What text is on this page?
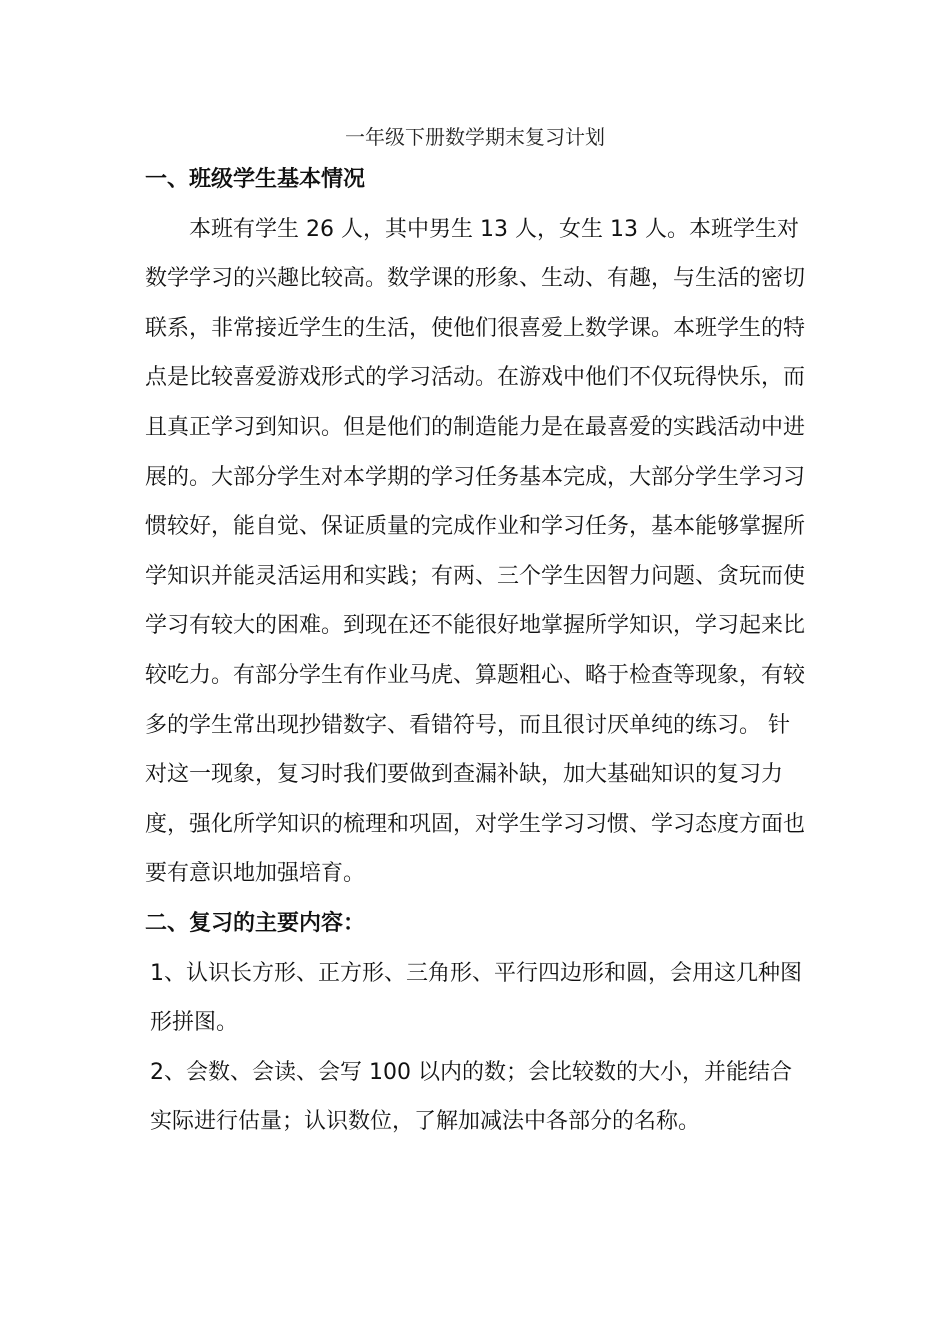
一年级下册数学期末复习计划
一、班级学生基本情况

本班有学生 26 人，其中男生 13 人，女生 13 人。本班学生对数学学习的兴趣比较高。数学课的形象、生动、有趣，与生活的密切联系，非常接近学生的生活，使他们很喜爱上数学课。本班学生的特点是比较喜爱游戏形式的学习活动。在游戏中他们不仅玩得快乐，而且真正学习到知识。但是他们的制造能力是在最喜爱的实践活动中进展的。大部分学生对本学期的学习任务基本完成，大部分学生学习习惯较好，能自觉、保证质量的完成作业和学习任务，基本能够掌握所学知识并能灵活运用和实践；有两、三个学生因智力问题、贪玩而使学习有较大的困难。到现在还不能很好地掌握所学知识，学习起来比较吃力。有部分学生有作业马虎、算题粗心、略于检查等现象，有较多的学生常出现抄错数字、看错符号，而且很讨厌单纯的练习。 针对这一现象，复习时我们要做到查漏补缺，加大基础知识的复习力度，强化所学知识的梳理和巩固，对学生学习习惯、学习态度方面也要有意识地加强培育。

二、复习的主要内容：

1、认识长方形、正方形、三角形、平行四边形和圆，会用这几种图形拼图。

2、会数、会读、会写 100 以内的数；会比较数的大小，并能结合实际进行估量；认识数位，了解加减法中各部分的名称。
